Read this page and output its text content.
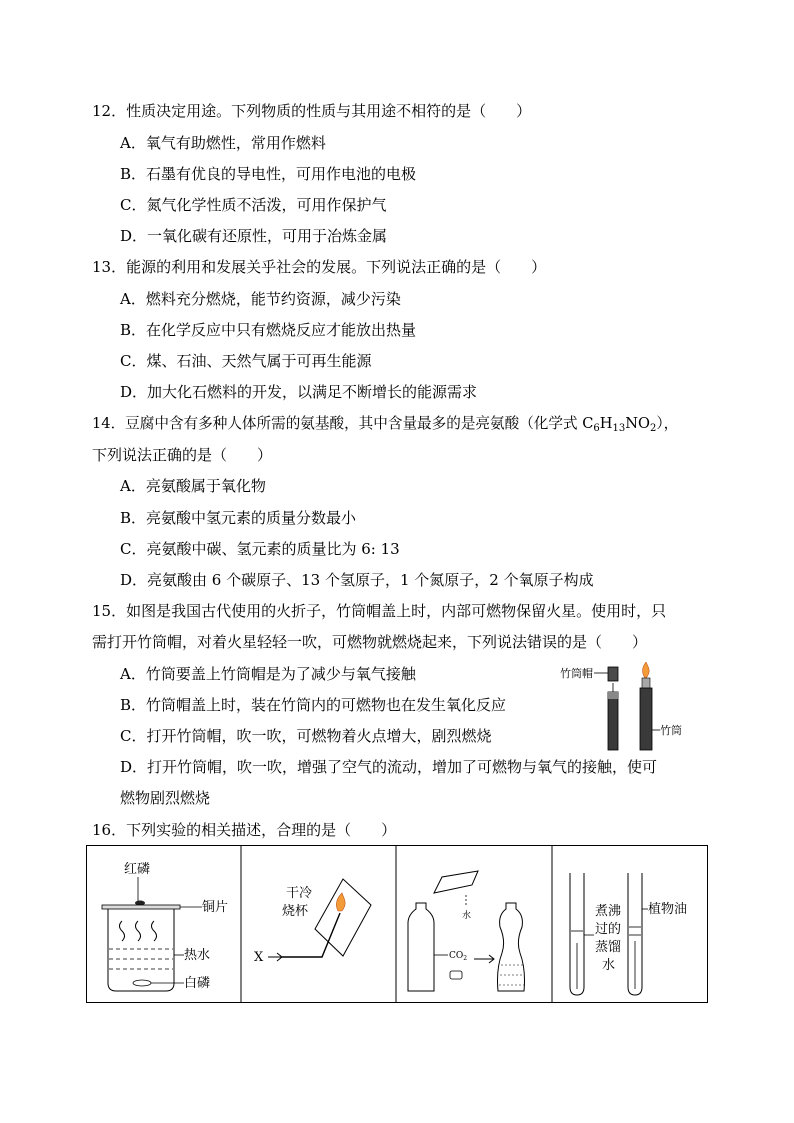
12．性质决定用途。下列物质的性质与其用途不相符的是（　　）
A．氧气有助燃性，常用作燃料
B．石墨有优良的导电性，可用作电池的电极
C．氮气化学性质不活泼，可用作保护气
D．一氧化碳有还原性，可用于冶炼金属
13．能源的利用和发展关乎社会的发展。下列说法正确的是（　　）
A．燃料充分燃烧，能节约资源，减少污染
B．在化学反应中只有燃烧反应才能放出热量
C．煤、石油、天然气属于可再生能源
D．加大化石燃料的开发，以满足不断增长的能源需求
14．豆腐中含有多种人体所需的氨基酸，其中含量最多的是亮氨酸（化学式 $C_6H_{13}NO_2$），
下列说法正确的是（　　）
A．亮氨酸属于氧化物
B．亮氨酸中氢元素的质量分数最小
C．亮氨酸中碳、氢元素的质量比为 6: 13
D．亮氨酸由 6 个碳原子、13 个氢原子，1 个氮原子，2 个氧原子构成
15．如图是我国古代使用的火折子，竹筒帽盖上时，内部可燃物保留火星。使用时，只
需打开竹筒帽，对着火星轻轻一吹，可燃物就燃烧起来，下列说法错误的是（　　）
A．竹筒要盖上竹筒帽是为了减少与氧气接触
B．竹筒帽盖上时，装在竹筒内的可燃物也在发生氧化反应
C．打开竹筒帽，吹一吹，可燃物着火点增大，剧烈燃烧
D．打开竹筒帽，吹一吹，增强了空气的流动，增加了可燃物与氧气的接触，使可
燃物剧烈燃烧
竹筒帽
竹筒
16．下列实验的相关描述，合理的是（　　）
红磷
铜片
热水
白磷
干冷
烧杯
X
水
$CO_2$
煮沸
过的
蒸馏
水
植物油
